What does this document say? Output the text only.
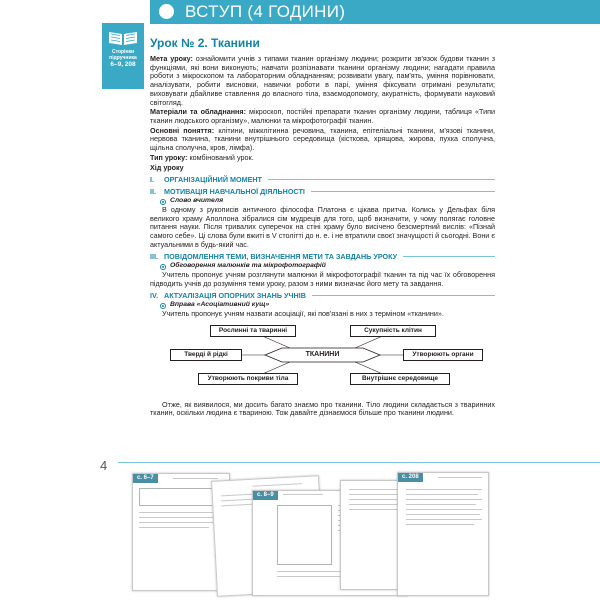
ВСТУП (4 ГОДИНИ)
Сторінки підручника
6–9, 208
Урок № 2. Тканини
Мета уроку: ознайомити учнів з типами тканин організму людини; розкрити зв'язок будови тканин з функціями, які вони виконують; навчати розпізнавати тканини організму людини; нагадати правила роботи з мікроскопом та лабораторним обладнанням; розвивати увагу, пам'ять, уміння порівнювати, аналізувати, робити висновки, навички роботи в парі, уміння фіксувати отримані результати; виховувати дбайливе ставлення до власного тіла, взаємодопомогу, акуратність, формувати науковий світогляд.
Матеріали та обладнання: мікроскоп, постійні препарати тканин організму людини, таблиця «Типи тканин людського організму», малюнки та мікрофотографії тканин.
Основні поняття: клітини, міжклітинна речовина, тканина, епітеліальні тканини, м'язові тканини, нервова тканина, тканини внутрішнього середовища (кісткова, хрящова, жирова, пухка сполучна, щільна сполучна, кров, лімфа).
Тип уроку: комбінований урок.
Хід уроку
I.	ОРГАНІЗАЦІЙНИЙ МОМЕНТ
II.	МОТИВАЦІЯ НАВЧАЛЬНОЇ ДІЯЛЬНОСТІ
Слово вчителя
В одному з рукописів античного філософа Платона є цікава притча. Колись у Дельфах біля великого храму Аполлона зібралися сім мудреців для того, щоб визначити, у чому полягає головне питання науки. Після тривалих суперечок на стіні храму було висічено безсмертний вислів: «Пізнай самого себе». Ці слова були вжиті в V столітті до н. е. і не втратили своєї значущості й сьогодні. Вони є актуальними в будь-який час.
III. ПОВІДОМЛЕННЯ ТЕМИ, ВИЗНАЧЕННЯ МЕТИ ТА ЗАВДАНЬ УРОКУ
Обговорення малюнків та мікрофотографій
Учитель пропонує учням розглянути малюнки й мікрофотографії тканин та під час їх обговорення підводить учнів до розуміння теми уроку, разом з ними визначає його мету та завдання.
IV. АКТУАЛІЗАЦІЯ ОПОРНИХ ЗНАНЬ УЧНІВ
Вправа «Асоціативний кущ»
Учитель пропонує учням назвати асоціації, які пов'язані в них з терміном «тканини».
ТКАНИНИ
Рослинні та тваринні	Сукупність клітин
Тверді й рідкі	Утворюють органи
Утворюють покриви тіла	Внутрішнє середовище
Отже, як виявилося, ми досить багато знаємо про тканини. Тіло людини складається з тваринних тканин, оскільки людина є твариною. Тож давайте дізнаємося більше про тканини людини.
4
с. 6–7
с. 8–9
с. 208
